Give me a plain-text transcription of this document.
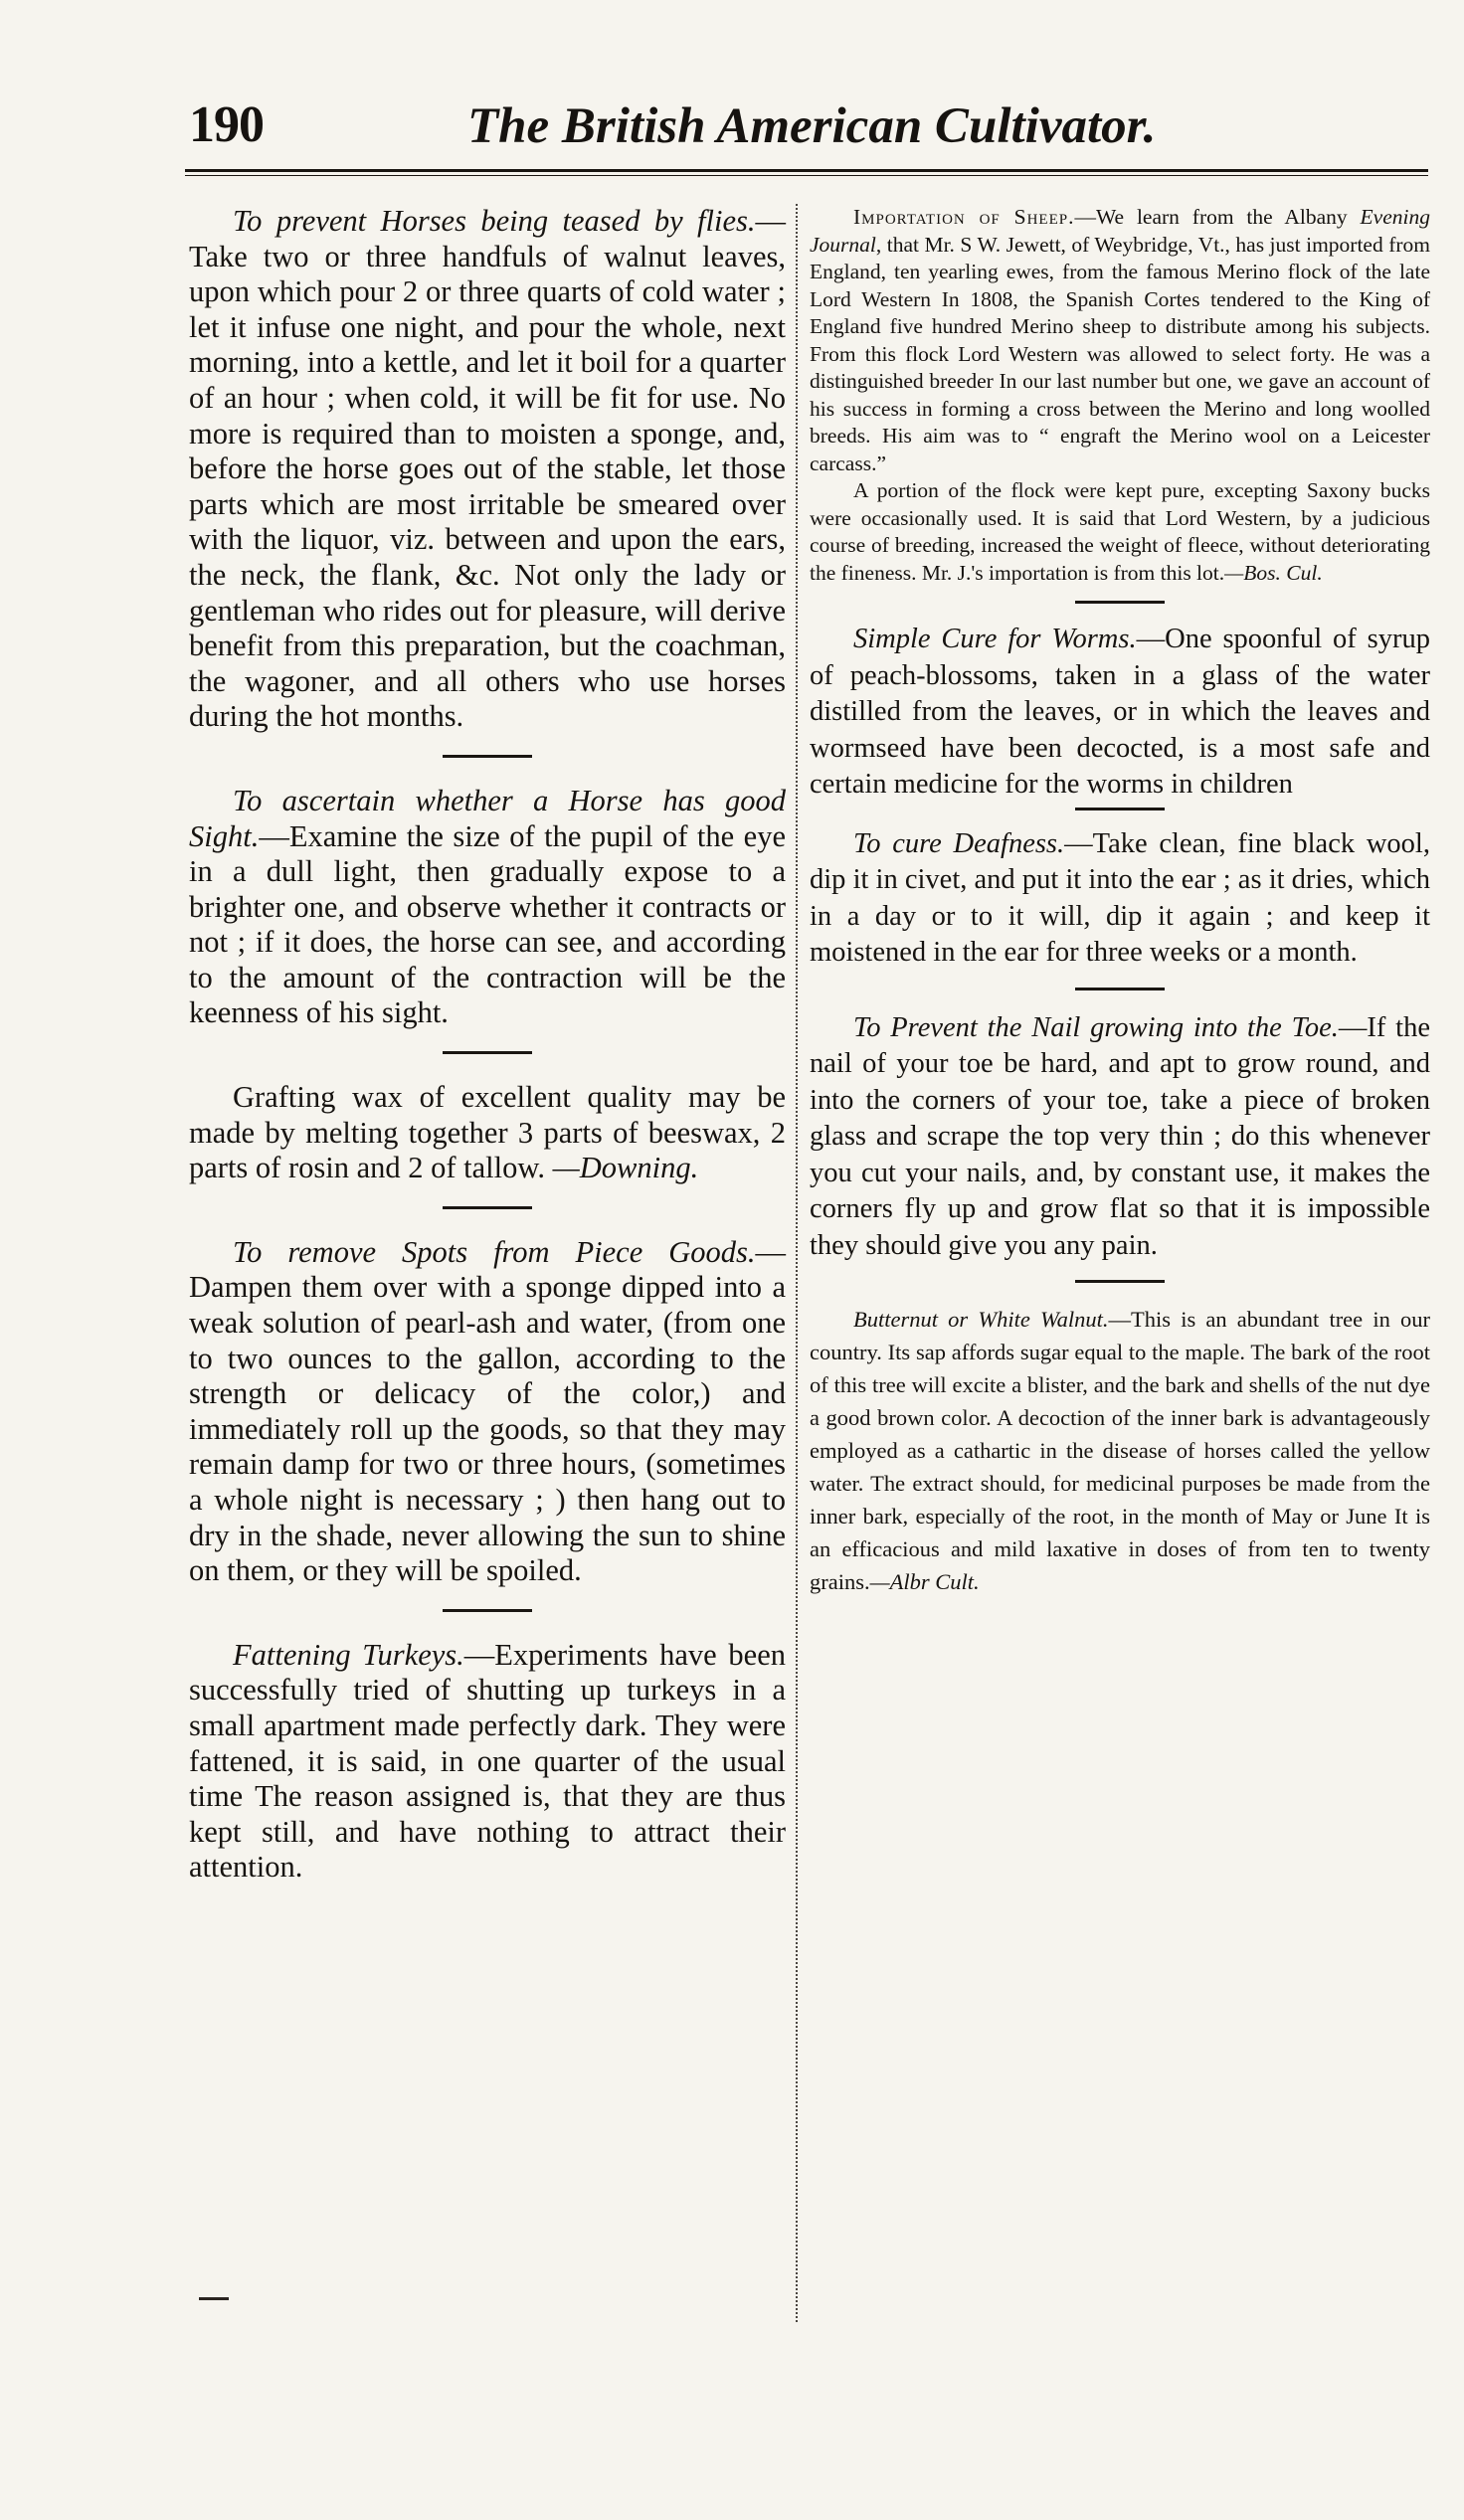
190	The British American Cultivator.

To prevent Horses being teased by flies.—Take two or three handfuls of walnut leaves, upon which pour 2 or three quarts of cold water ; let it infuse one night, and pour the whole, next morning, into a kettle, and let it boil for a quarter of an hour ; when cold, it will be fit for use. No more is required than to moisten a sponge, and, before the horse goes out of the stable, let those parts which are most irritable be smeared over with the liquor, viz. between and upon the ears, the neck, the flank, &c. Not only the lady or gentleman who rides out for pleasure, will derive benefit from this preparation, but the coachman, the wagoner, and all others who use horses during the hot months.

To ascertain whether a Horse has good Sight.—Examine the size of the pupil of the eye in a dull light, then gradually expose to a brighter one, and observe whether it contracts or not ; if it does, the horse can see, and according to the amount of the contraction will be the keenness of his sight.

Grafting wax of excellent quality may be made by melting together 3 parts of beeswax, 2 parts of rosin and 2 of tallow. —Downing.

To remove Spots from Piece Goods.—Dampen them over with a sponge dipped into a weak solution of pearl-ash and water, (from one to two ounces to the gallon, according to the strength or delicacy of the color,) and immediately roll up the goods, so that they may remain damp for two or three hours, (sometimes a whole night is necessary ; ) then hang out to dry in the shade, never allowing the sun to shine on them, or they will be spoiled.

Fattening Turkeys.—Experiments have been successfully tried of shutting up turkeys in a small apartment made perfectly dark. They were fattened, it is said, in one quarter of the usual time The reason assigned is, that they are thus kept still, and have nothing to attract their attention.

Importation of Sheep.—We learn from the Albany Evening Journal, that Mr. S W. Jewett, of Weybridge, Vt., has just imported from England, ten yearling ewes, from the famous Merino flock of the late Lord Western In 1808, the Spanish Cortes tendered to the King of England five hundred Merino sheep to distribute among his subjects. From this flock Lord Western was allowed to select forty. He was a distinguished breeder In our last number but one, we gave an account of his success in forming a cross between the Merino and long woolled breeds. His aim was to “ engraft the Merino wool on a Leicester carcass.”

A portion of the flock were kept pure, excepting Saxony bucks were occasionally used. It is said that Lord Western, by a judicious course of breeding, increased the weight of fleece, without deteriorating the fineness. Mr. J.'s importation is from this lot.—Bos. Cul.

Simple Cure for Worms.—One spoonful of syrup of peach-blossoms, taken in a glass of the water distilled from the leaves, or in which the leaves and wormseed have been decocted, is a most safe and certain medicine for the worms in children

To cure Deafness.—Take clean, fine black wool, dip it in civet, and put it into the ear ; as it dries, which in a day or to it will, dip it again ; and keep it moistened in the ear for three weeks or a month.

To Prevent the Nail growing into the Toe.—If the nail of your toe be hard, and apt to grow round, and into the corners of your toe, take a piece of broken glass and scrape the top very thin ; do this whenever you cut your nails, and, by constant use, it makes the corners fly up and grow flat so that it is impossible they should give you any pain.

Butternut or White Walnut.—This is an abundant tree in our country. Its sap affords sugar equal to the maple. The bark of the root of this tree will excite a blister, and the bark and shells of the nut dye a good brown color. A decoction of the inner bark is advantageously employed as a cathartic in the disease of horses called the yellow water. The extract should, for medicinal purposes be made from the inner bark, especially of the root, in the month of May or June It is an efficacious and mild laxative in doses of from ten to twenty grains.—Albr Cult.
